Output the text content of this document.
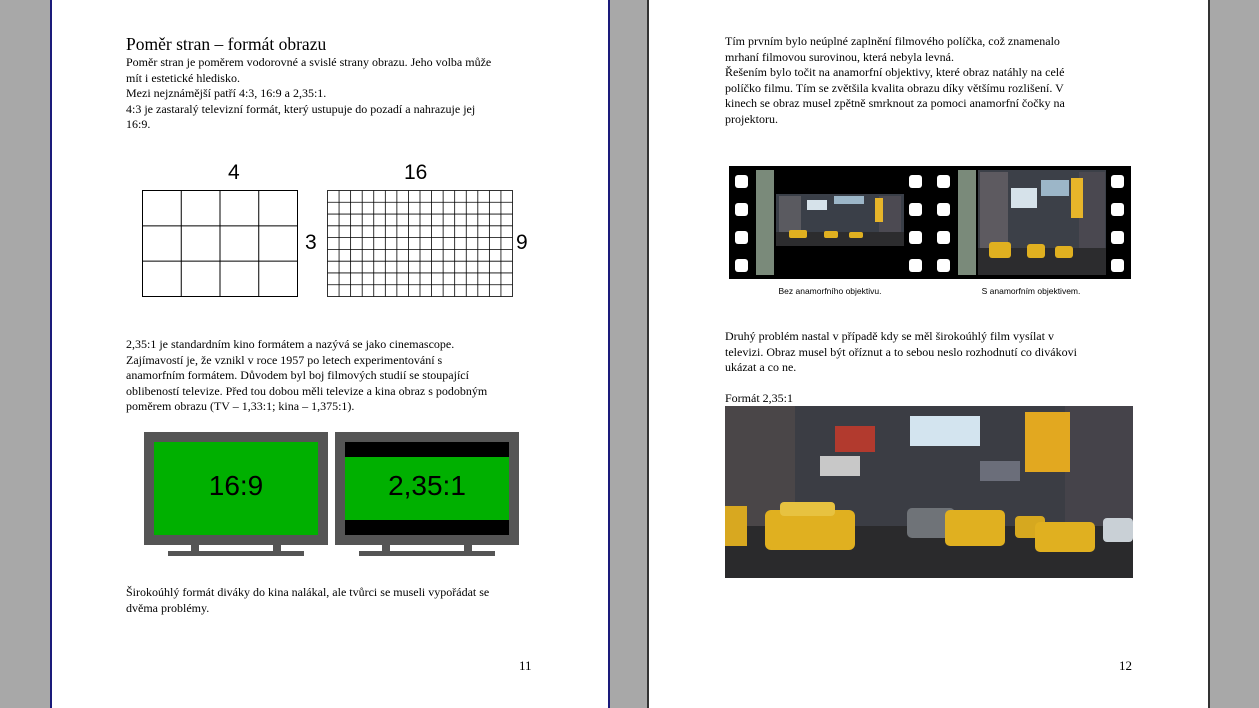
Poměr stran – formát obrazu
Poměr stran je poměrem vodorovné a svislé strany obrazu. Jeho volba může
mít i estetické hledisko.
Mezi nejznámější patří 4:3, 16:9 a 2,35:1.
4:3 je zastaralý televizní formát, který ustupuje do pozadí a nahrazuje jej
16:9.
4
3
16
9
2,35:1 je standardním kino formátem a nazývá se jako cinemascope.
Zajímavostí je, že vznikl v roce 1957 po letech experimentování s
anamorfním formátem. Důvodem byl boj filmových studií se stoupající
oblibeností televize. Před tou dobou měli televize a kina obraz s podobným
poměrem obrazu (TV – 1,33:1; kina – 1,375:1).
16:9	2,35:1
Širokoúhlý formát diváky do kina nalákal, ale tvůrci se museli vypořádat se
dvěma problémy.
11
Tím prvním bylo neúplné zaplnění filmového políčka, což znamenalo
mrhaní filmovou surovinou, která nebyla levná.
Řešením bylo točit na anamorfní objektivy, které obraz natáhly na celé
políčko filmu. Tím se zvětšila kvalita obrazu díky většímu rozlišení. V
kinech se obraz musel zpětně smrknout za pomoci anamorfní čočky na
projektoru.
Bez anamorfního objektivu.	S anamorfním objektivem.
Druhý problém nastal v případě kdy se měl širokoúhlý film vysílat v
televizi. Obraz musel být oříznut a to sebou neslo rozhodnutí co divákovi
ukázat a co ne.
Formát 2,35:1
12
